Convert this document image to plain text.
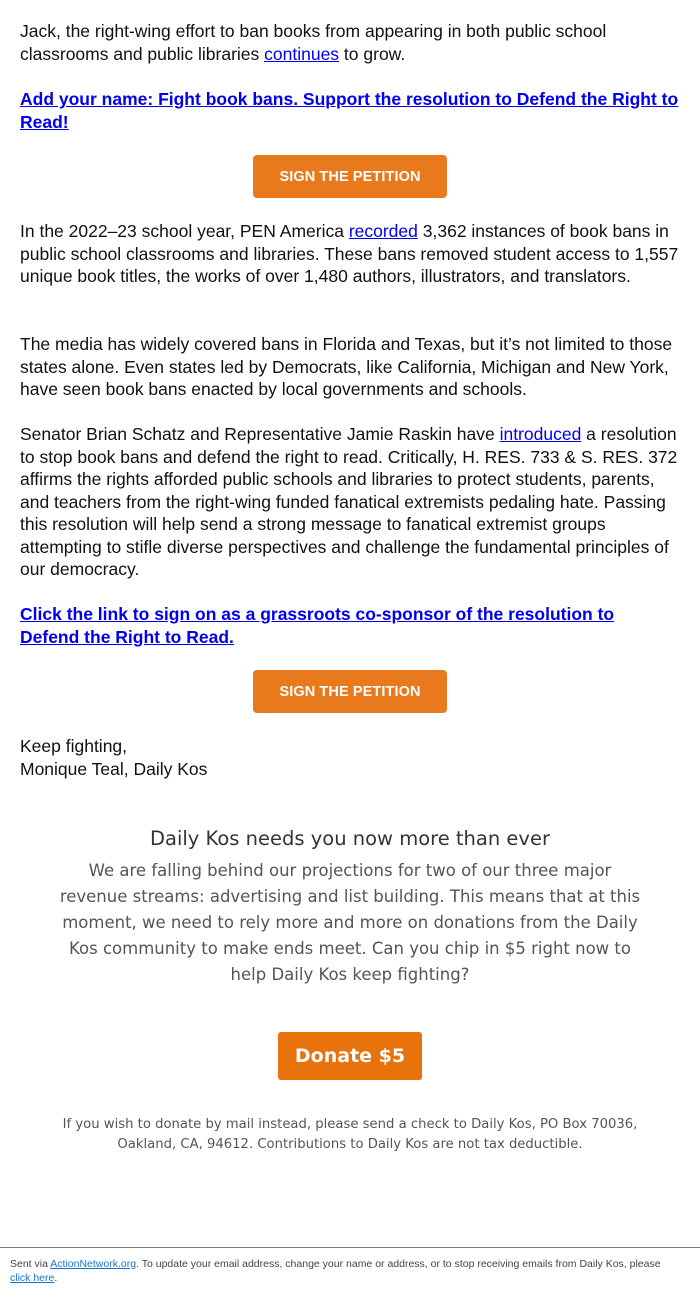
Jack, the right-wing effort to ban books from appearing in both public school classrooms and public libraries continues to grow.

Add your name: Fight book bans. Support the resolution to Defend the Right to Read!

SIGN THE PETITION

In the 2022–23 school year, PEN America recorded 3,362 instances of book bans in public school classrooms and libraries. These bans removed student access to 1,557 unique book titles, the works of over 1,480 authors, illustrators, and translators.

The media has widely covered bans in Florida and Texas, but it’s not limited to those states alone. Even states led by Democrats, like California, Michigan and New York, have seen book bans enacted by local governments and schools.

Senator Brian Schatz and Representative Jamie Raskin have introduced a resolution to stop book bans and defend the right to read. Critically, H. RES. 733 & S. RES. 372 affirms the rights afforded public schools and libraries to protect students, parents, and teachers from the right-wing funded fanatical extremists pedaling hate. Passing this resolution will help send a strong message to fanatical extremist groups attempting to stifle diverse perspectives and challenge the fundamental principles of our democracy.

Click the link to sign on as a grassroots co-sponsor of the resolution to Defend the Right to Read.

SIGN THE PETITION

Keep fighting,

Monique Teal, Daily Kos

Daily Kos needs you now more than ever

We are falling behind our projections for two of our three major revenue streams: advertising and list building. This means that at this moment, we need to rely more and more on donations from the Daily Kos community to make ends meet. Can you chip in $5 right now to help Daily Kos keep fighting?

Donate $5

If you wish to donate by mail instead, please send a check to Daily Kos, PO Box 70036, Oakland, CA, 94612. Contributions to Daily Kos are not tax deductible.

Sent via ActionNetwork.org. To update your email address, change your name or address, or to stop receiving emails from Daily Kos, please click here.
